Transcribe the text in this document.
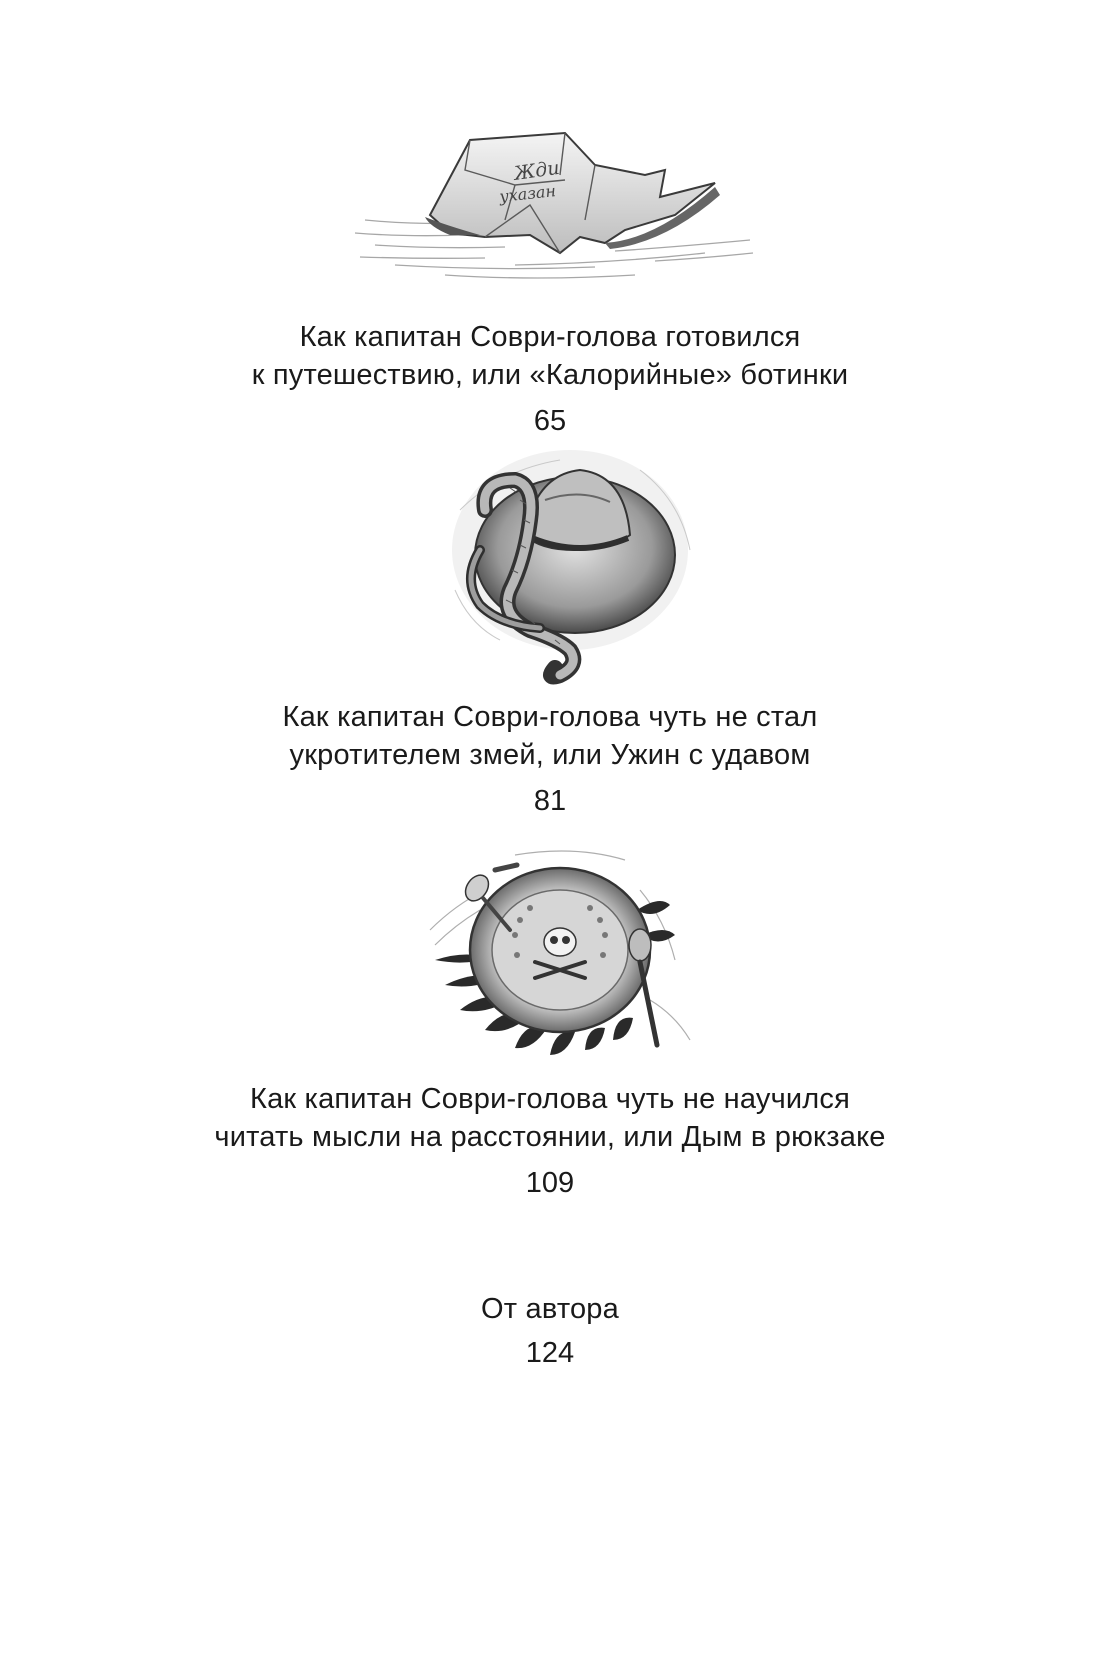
Жди
ухазан
Как капитан Соври-голова готовился
к путешествию, или «Калорийные» ботинки
65
Как капитан Соври-голова чуть не стал
укротителем змей, или Ужин с удавом
81
Как капитан Соври-голова чуть не научился
читать мысли на расстоянии, или Дым в рюкзаке
109
От автора
124
